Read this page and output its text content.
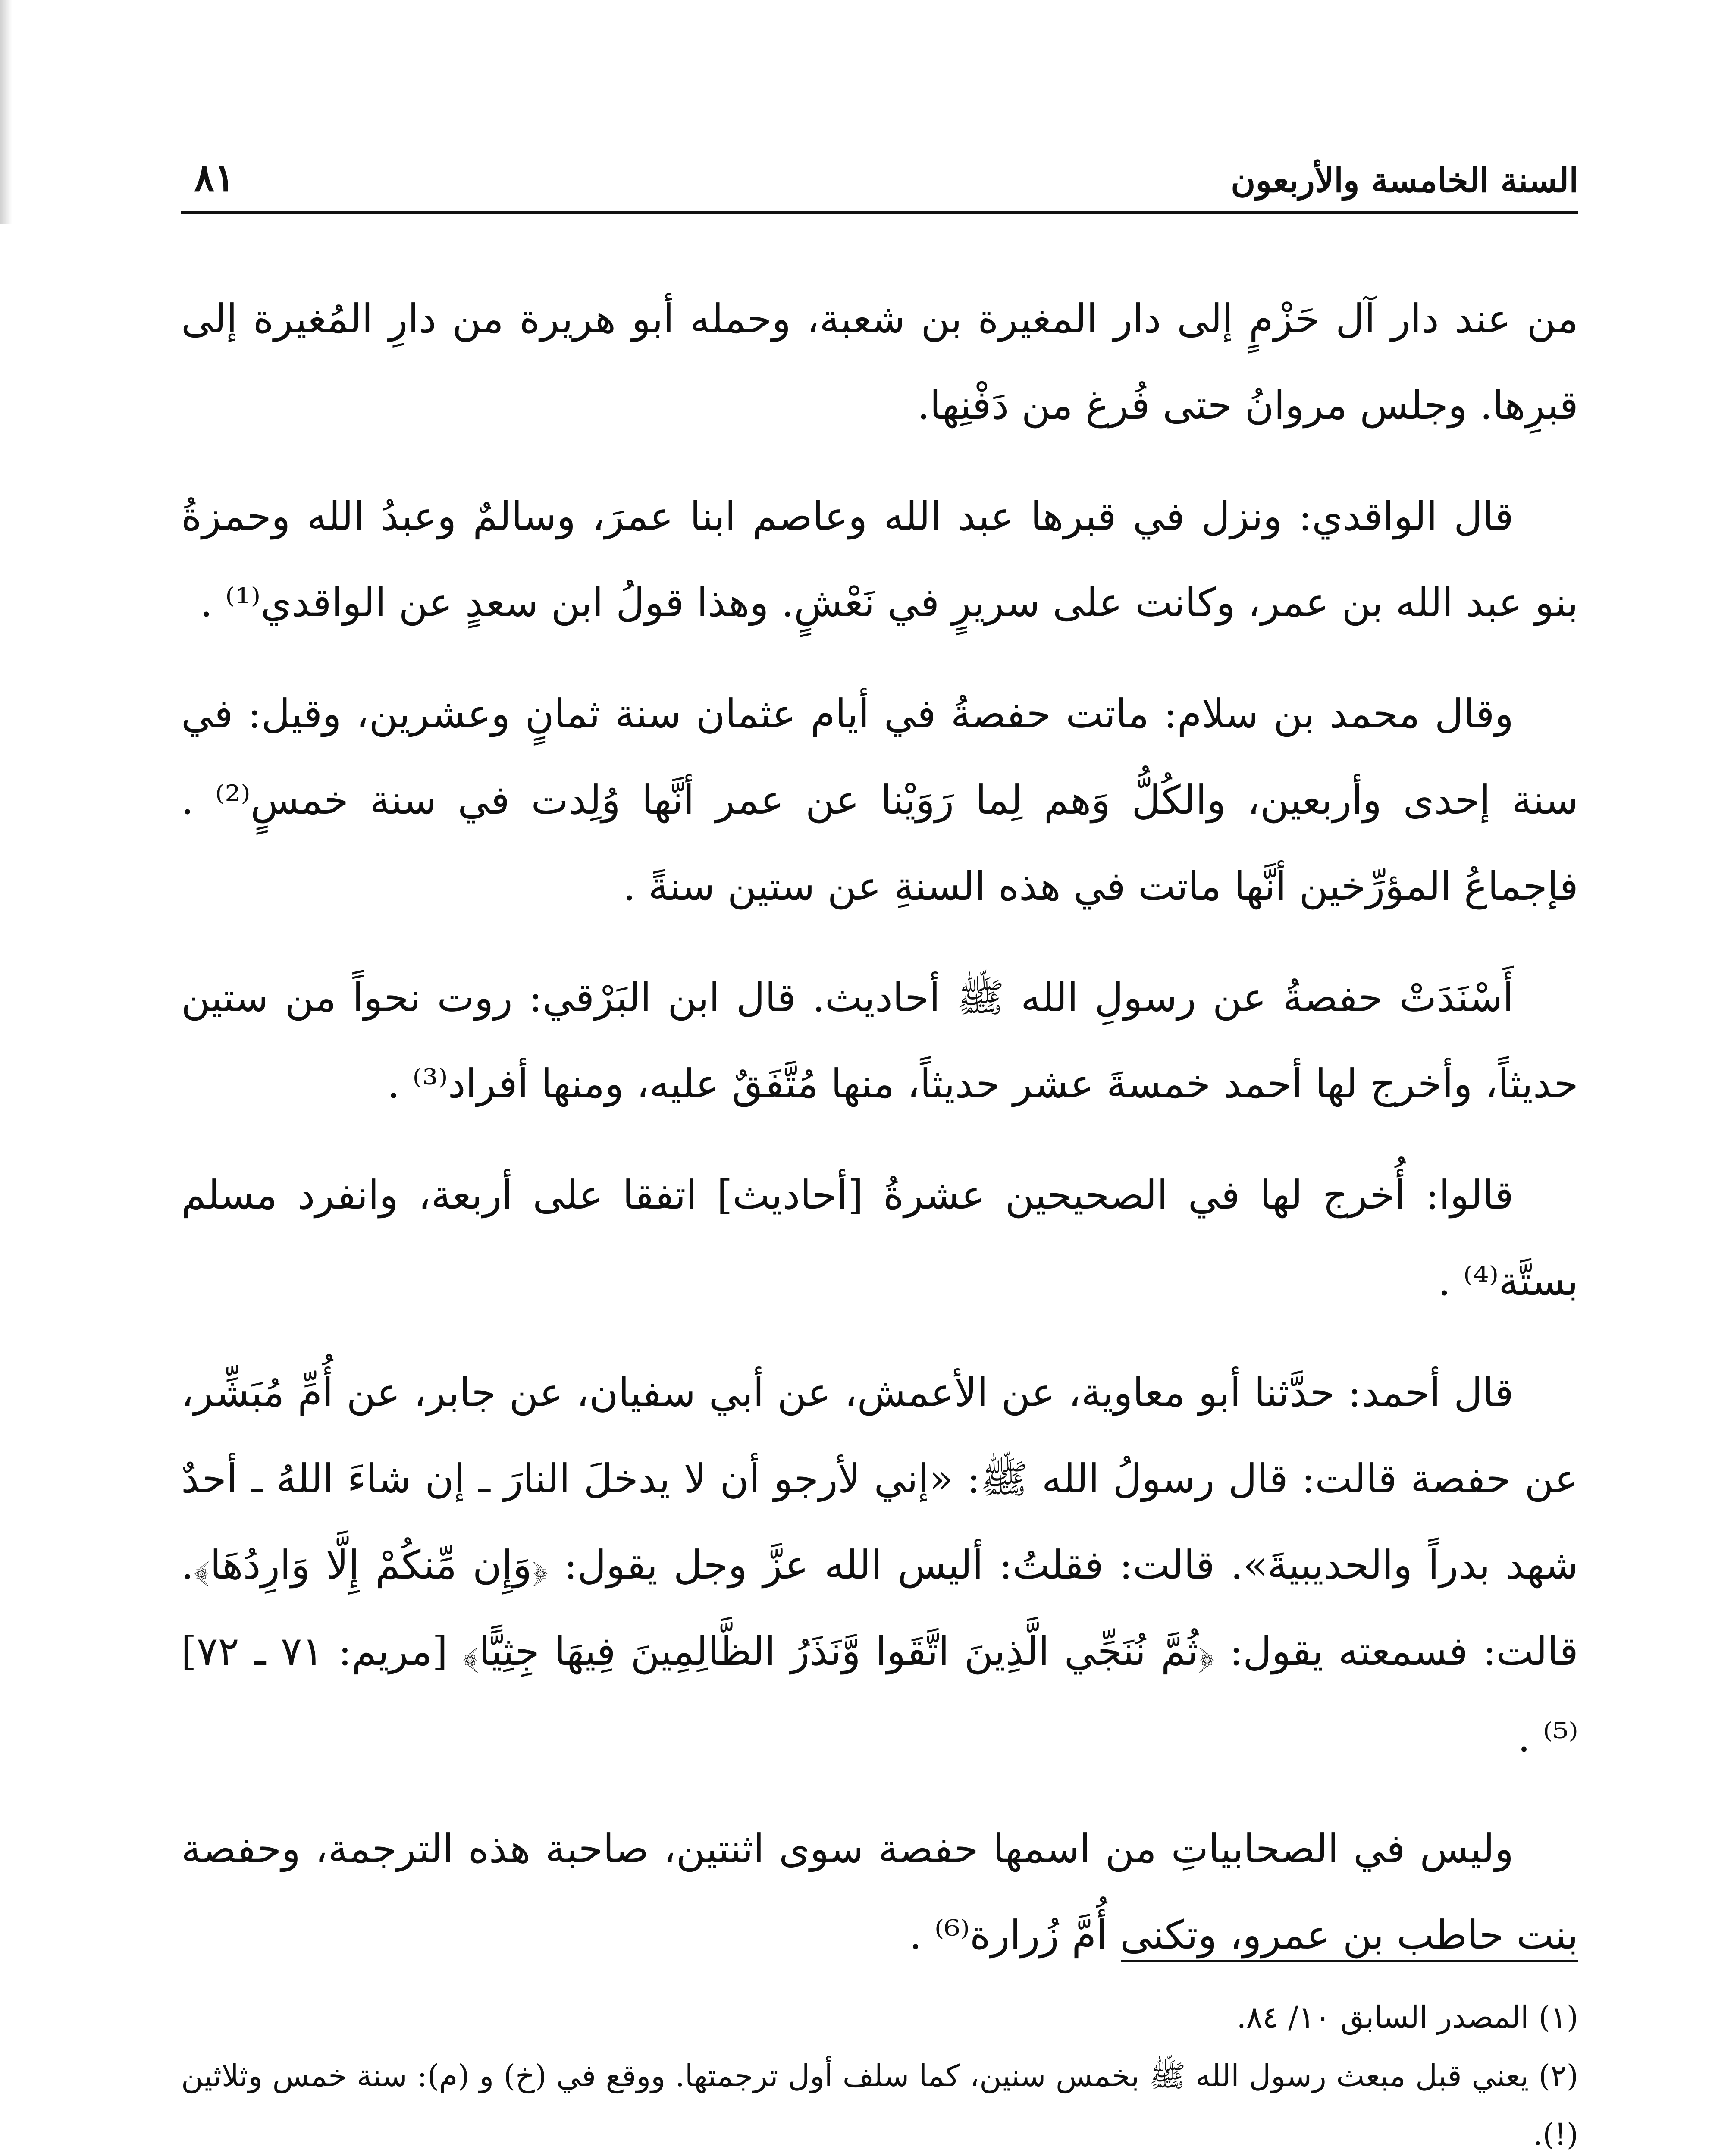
السنة الخامسة والأربعون
٨١

من عند دار آل حَزْمٍ إلى دار المغيرة بن شعبة، وحمله أبو هريرة من دارِ المُغيرة إلى قبرِها. وجلس مروانُ حتى فُرغ من دَفْنِها.

قال الواقدي: ونزل في قبرها عبد الله وعاصم ابنا عمرَ، وسالمٌ وعبدُ الله وحمزةُ بنو عبد الله بن عمر، وكانت على سريرٍ في نَعْشٍ. وهذا قولُ ابن سعدٍ عن الواقدي⁽¹⁾ .

وقال محمد بن سلام: ماتت حفصةُ في أيام عثمان سنة ثمانٍ وعشرين، وقيل: في سنة إحدى وأربعين، والكُلُّ وَهم لِما رَوَيْنا عن عمر أنَّها وُلِدت في سنة خمسٍ⁽²⁾ . فإجماعُ المؤرِّخين أنَّها ماتت في هذه السنةِ عن ستين سنةً .

أَسْنَدَتْ حفصةُ عن رسولِ الله ﷺ أحاديث. قال ابن البَرْقي: روت نحواً من ستين حديثاً، وأخرج لها أحمد خمسةَ عشر حديثاً، منها مُتَّفَقٌ عليه، ومنها أفراد⁽³⁾ .

قالوا: أُخرج لها في الصحيحين عشرةُ [أحاديث] اتفقا على أربعة، وانفرد مسلم بستَّة⁽⁴⁾ .

قال أحمد: حدَّثنا أبو معاوية، عن الأعمش، عن أبي سفيان، عن جابر، عن أُمِّ مُبَشِّر، عن حفصة قالت: قال رسولُ الله ﷺ: «إني لأرجو أن لا يدخلَ النارَ ـ إن شاءَ اللهُ ـ أحدٌ شهد بدراً والحديبيةَ». قالت: فقلتُ: أليس الله عزَّ وجل يقول: ﴿وَإِن مِّنكُمْ إِلَّا وَارِدُهَا﴾. قالت: فسمعته يقول: ﴿ثُمَّ نُنَجِّي الَّذِينَ اتَّقَوا وَّنَذَرُ الظَّالِمِينَ فِيهَا جِثِيًّا﴾ [مريم: ٧١ ـ ٧٢]⁽⁵⁾ .

وليس في الصحابياتِ من اسمها حفصة سوى اثنتين، صاحبة هذه الترجمة، وحفصة بنت حاطب بن عمرو، وتكنى أُمَّ زُرارة⁽⁶⁾ .

(١) المصدر السابق ١٠/ ٨٤.

(٢) يعني قبل مبعث رسول الله ﷺ بخمس سنين، كما سلف أول ترجمتها. ووقع في (خ) و (م): سنة خمس وثلاثين (!).
